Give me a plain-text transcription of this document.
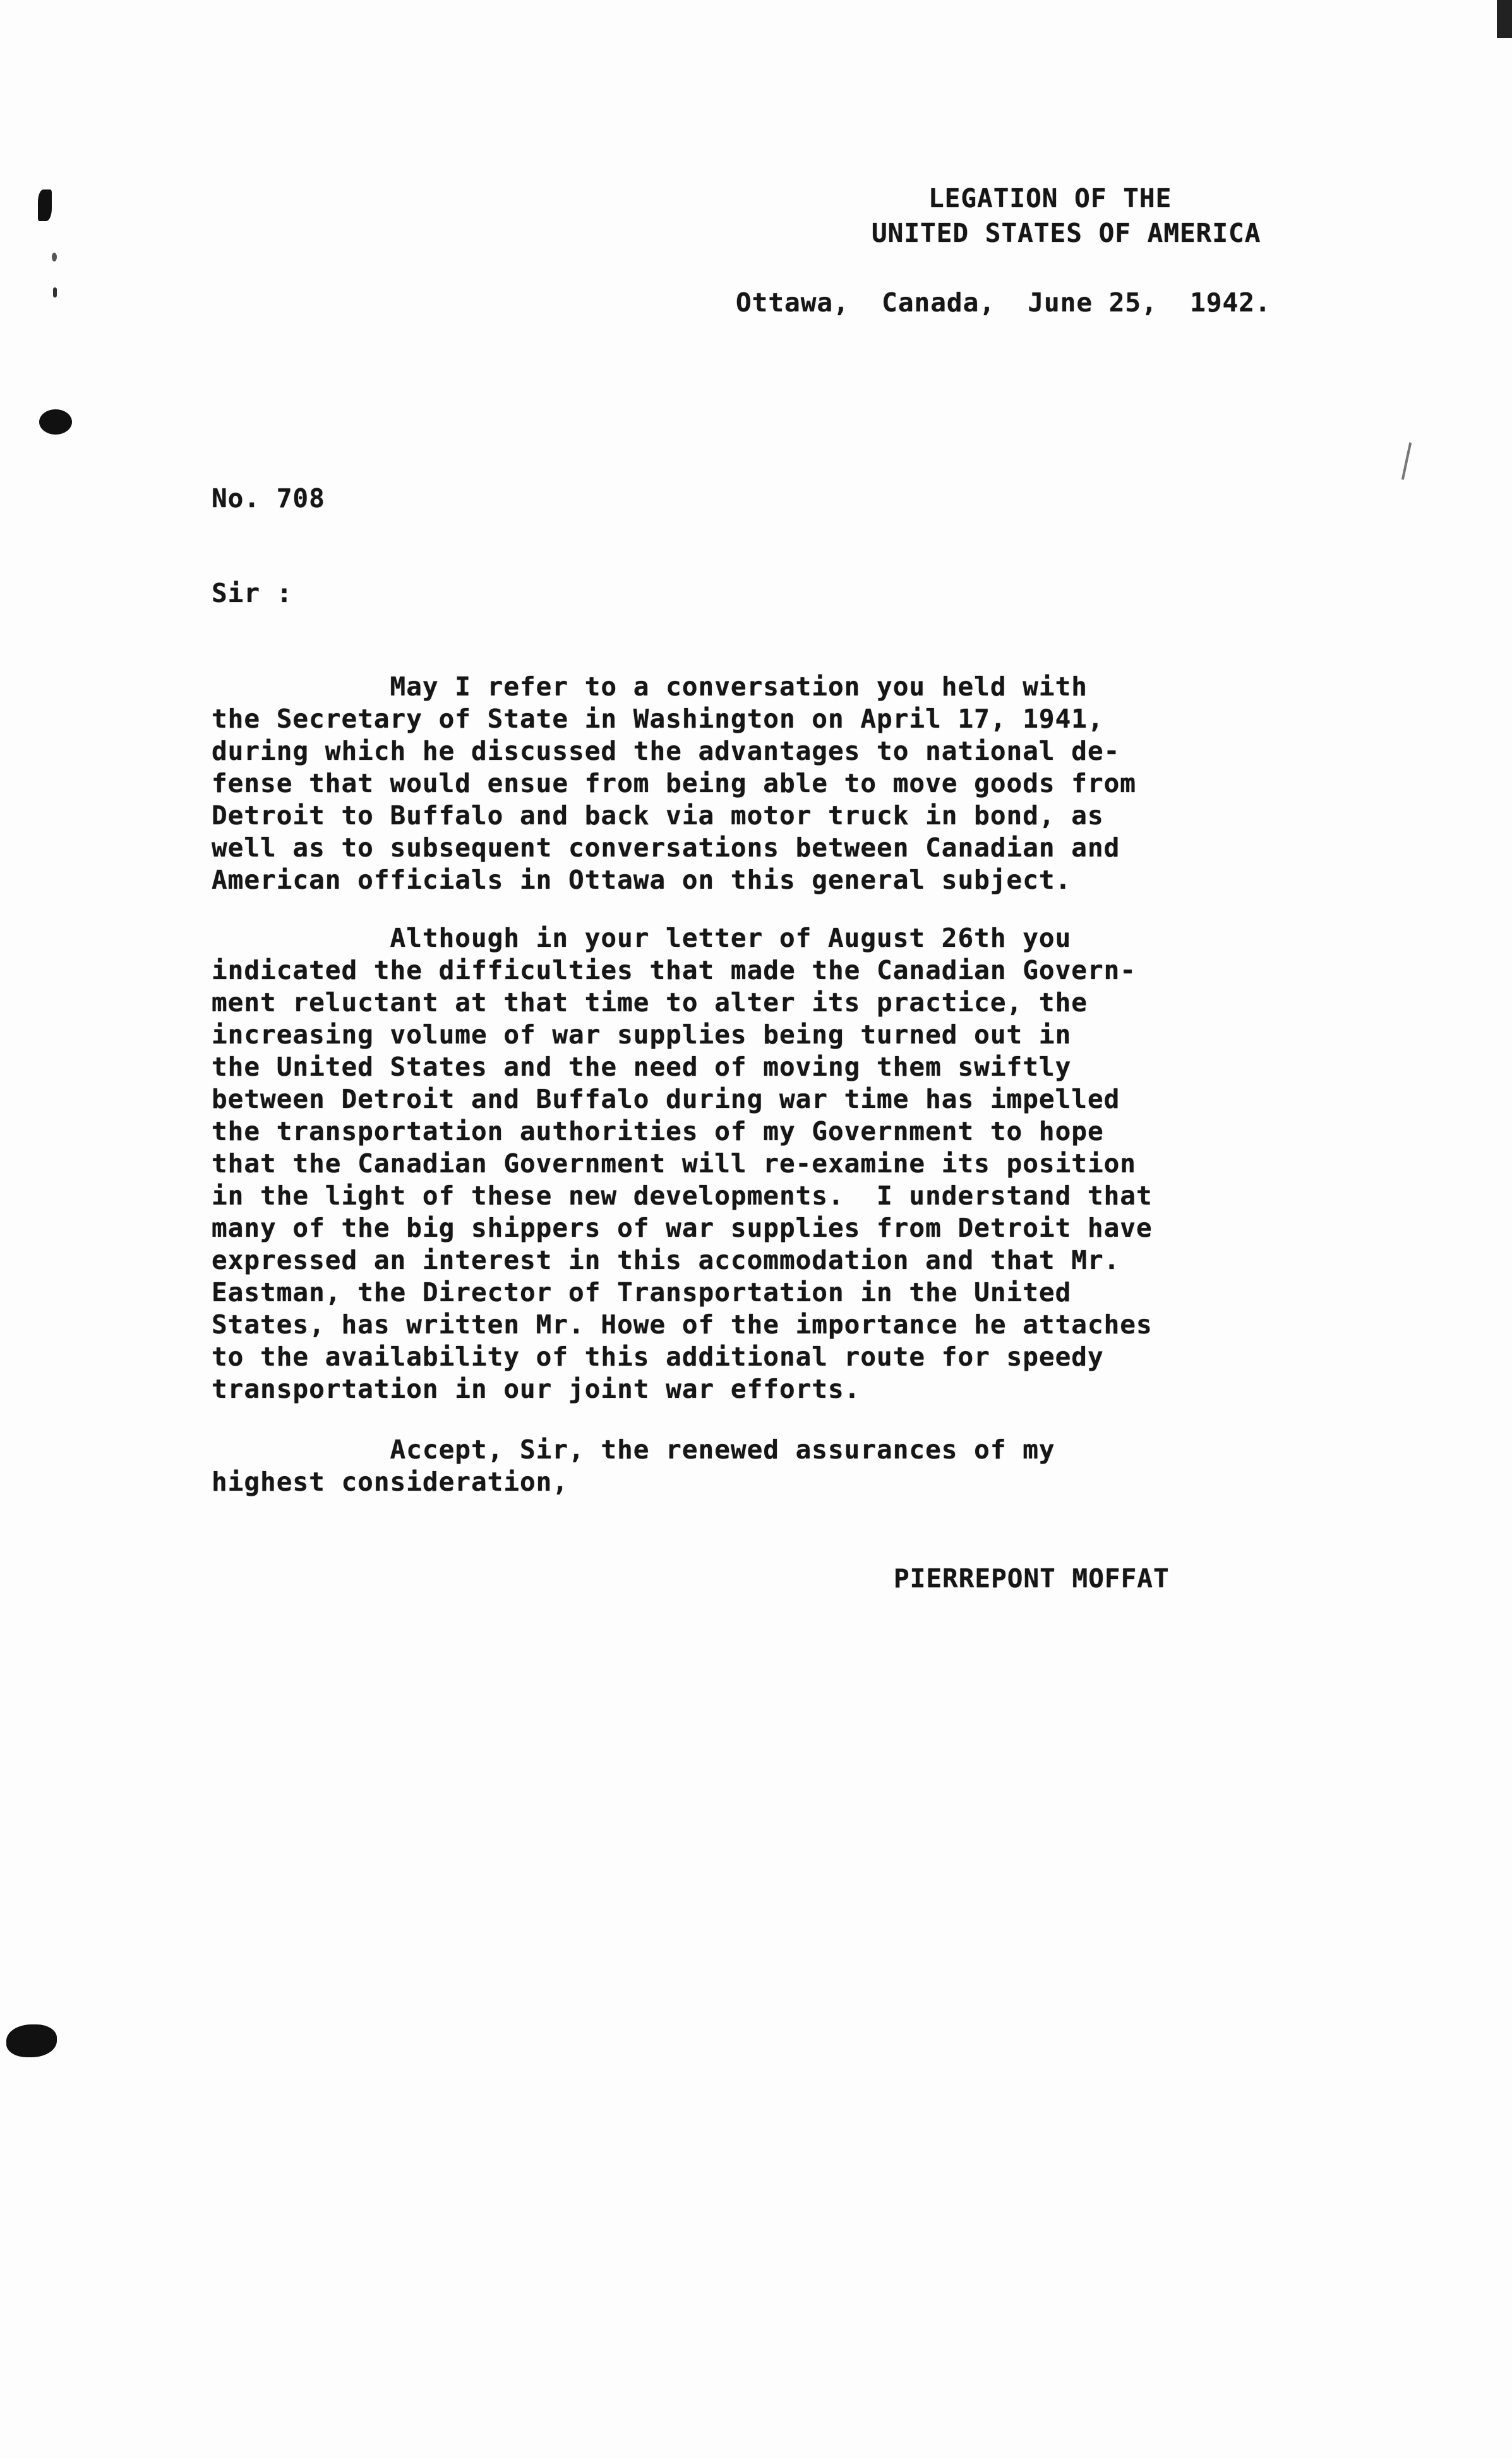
LEGATION OF THE
UNITED STATES OF AMERICA
Ottawa,  Canada,  June 25,  1942.
No. 708
Sir :
May I refer to a conversation you held with
the Secretary of State in Washington on April 17, 1941,
during which he discussed the advantages to national de-
fense that would ensue from being able to move goods from
Detroit to Buffalo and back via motor truck in bond, as
well as to subsequent conversations between Canadian and
American officials in Ottawa on this general subject.
Although in your letter of August 26th you
indicated the difficulties that made the Canadian Govern-
ment reluctant at that time to alter its practice, the
increasing volume of war supplies being turned out in
the United States and the need of moving them swiftly
between Detroit and Buffalo during war time has impelled
the transportation authorities of my Government to hope
that the Canadian Government will re-examine its position
in the light of these new developments.  I understand that
many of the big shippers of war supplies from Detroit have
expressed an interest in this accommodation and that Mr.
Eastman, the Director of Transportation in the United
States, has written Mr. Howe of the importance he attaches
to the availability of this additional route for speedy
transportation in our joint war efforts.
Accept, Sir, the renewed assurances of my
highest consideration,
PIERREPONT MOFFAT
